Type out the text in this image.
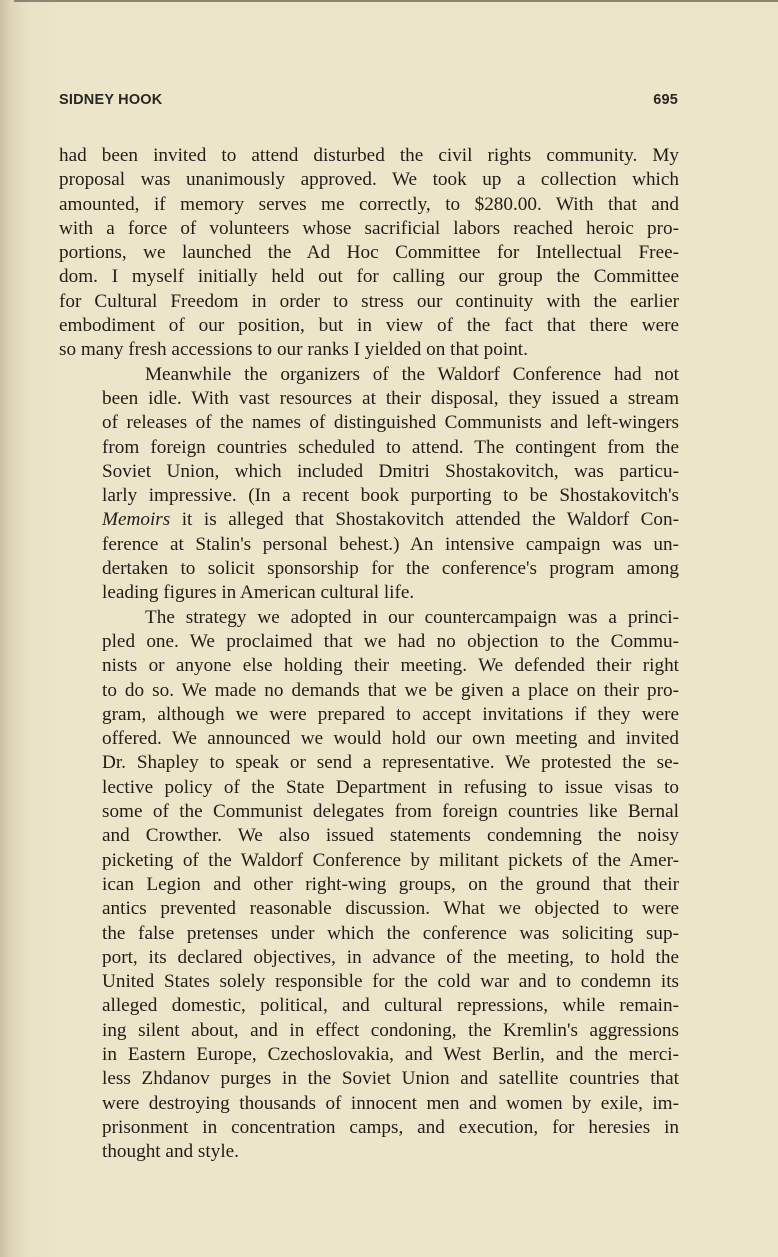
SIDNEY HOOK	695

had been invited to attend disturbed the civil rights community. My
proposal was unanimously approved. We took up a collection which
amounted, if memory serves me correctly, to $280.00. With that and
with a force of volunteers whose sacrificial labors reached heroic pro-
portions, we launched the Ad Hoc Committee for Intellectual Free-
dom. I myself initially held out for calling our group the Committee
for Cultural Freedom in order to stress our continuity with the earlier
embodiment of our position, but in view of the fact that there were
so many fresh accessions to our ranks I yielded on that point.

Meanwhile the organizers of the Waldorf Conference had not
been idle. With vast resources at their disposal, they issued a stream
of releases of the names of distinguished Communists and left-wingers
from foreign countries scheduled to attend. The contingent from the
Soviet Union, which included Dmitri Shostakovitch, was particu-
larly impressive. (In a recent book purporting to be Shostakovitch's
Memoirs it is alleged that Shostakovitch attended the Waldorf Con-
ference at Stalin's personal behest.) An intensive campaign was un-
dertaken to solicit sponsorship for the conference's program among
leading figures in American cultural life.

The strategy we adopted in our countercampaign was a princi-
pled one. We proclaimed that we had no objection to the Commu-
nists or anyone else holding their meeting. We defended their right
to do so. We made no demands that we be given a place on their pro-
gram, although we were prepared to accept invitations if they were
offered. We announced we would hold our own meeting and invited
Dr. Shapley to speak or send a representative. We protested the se-
lective policy of the State Department in refusing to issue visas to
some of the Communist delegates from foreign countries like Bernal
and Crowther. We also issued statements condemning the noisy
picketing of the Waldorf Conference by militant pickets of the Amer-
ican Legion and other right-wing groups, on the ground that their
antics prevented reasonable discussion. What we objected to were
the false pretenses under which the conference was soliciting sup-
port, its declared objectives, in advance of the meeting, to hold the
United States solely responsible for the cold war and to condemn its
alleged domestic, political, and cultural repressions, while remain-
ing silent about, and in effect condoning, the Kremlin's aggressions
in Eastern Europe, Czechoslovakia, and West Berlin, and the merci-
less Zhdanov purges in the Soviet Union and satellite countries that
were destroying thousands of innocent men and women by exile, im-
prisonment in concentration camps, and execution, for heresies in
thought and style.
